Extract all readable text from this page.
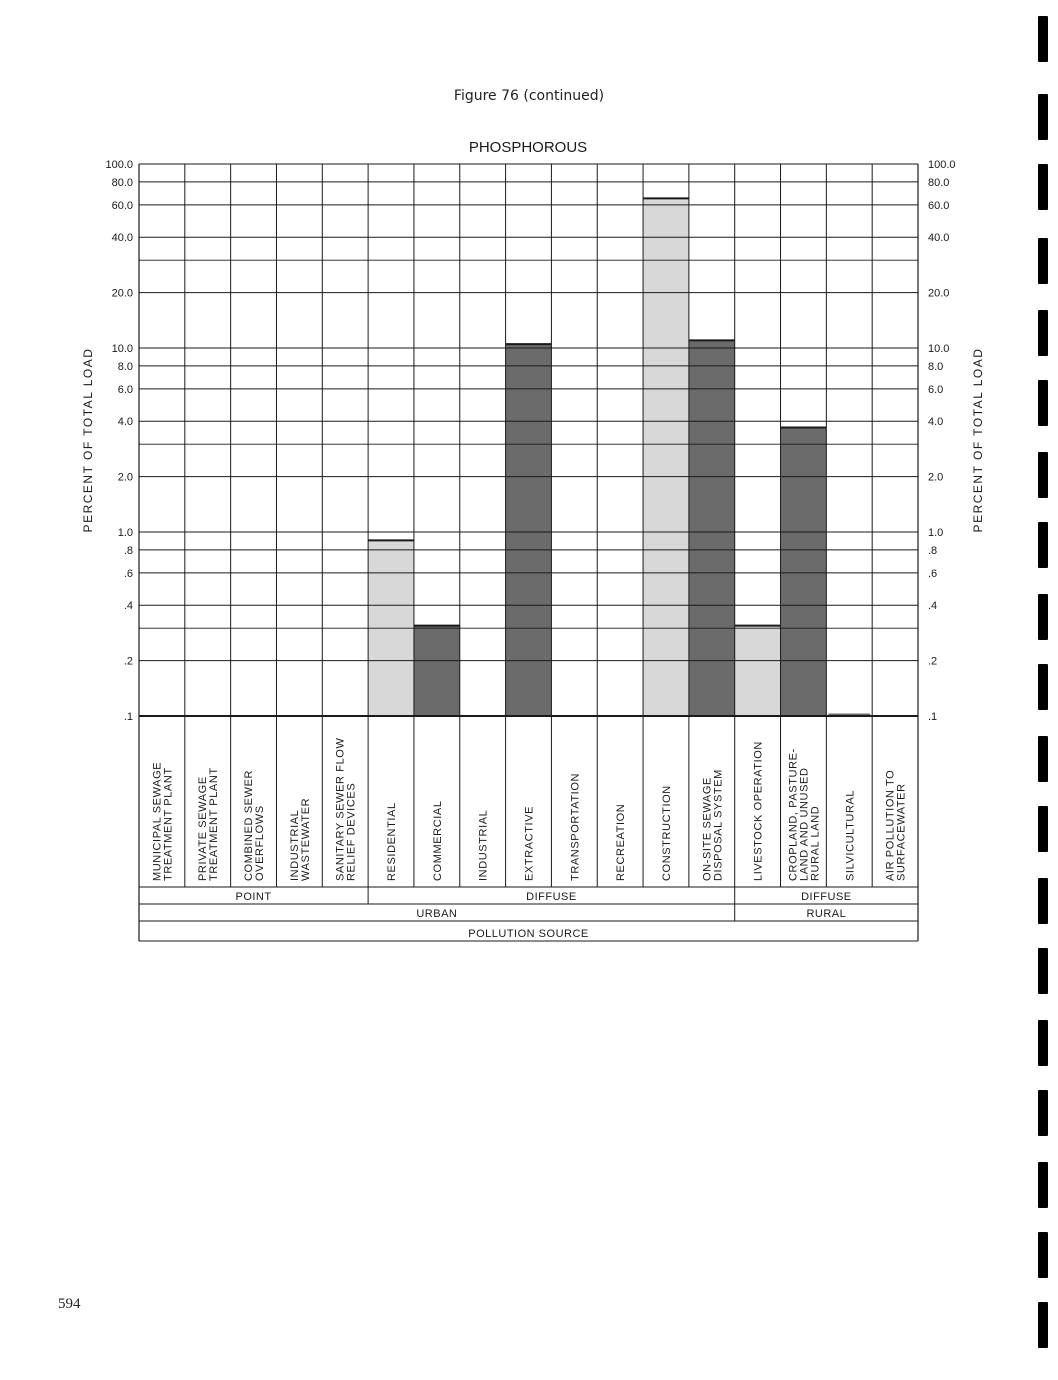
Figure 76 (continued)
PHOSPHOROUS
PERCENT OF TOTAL LOAD	PERCENT OF TOTAL LOAD
.1	.1
.2	.2
.4	.4
.6	.6
.8	.8
1.0	1.0
2.0	2.0
4.0	4.0
6.0	6.0
8.0	8.0
10.0	10.0
20.0	20.0
40.0	40.0
60.0	60.0
80.0	80.0
100.0	100.0
MUNICIPAL SEWAGE TREATMENT PLANT PRIVATE SEWAGE TREATMENT PLANT COMBINED SEWER OVERFLOWS INDUSTRIAL WASTEWATER SANITARY SEWER FLOW RELIEF DEVICES	RESIDENTIAL	COMMERCIAL	INDUSTRIAL	EXTRACTIVE	TRANSPORTATION	RECREATION	CONSTRUCTION	ON-SITE SEWAGE DISPOSAL SYSTEM	LIVESTOCK OPERATION CROPLAND, PASTURE- LAND AND UNUSED RURAL LAND SILVICULTURAL	AIR POLLUTION TO SURFACEWATER
POINT	DIFFUSE	DIFFUSE
URBAN	RURAL
POLLUTION SOURCE
594
